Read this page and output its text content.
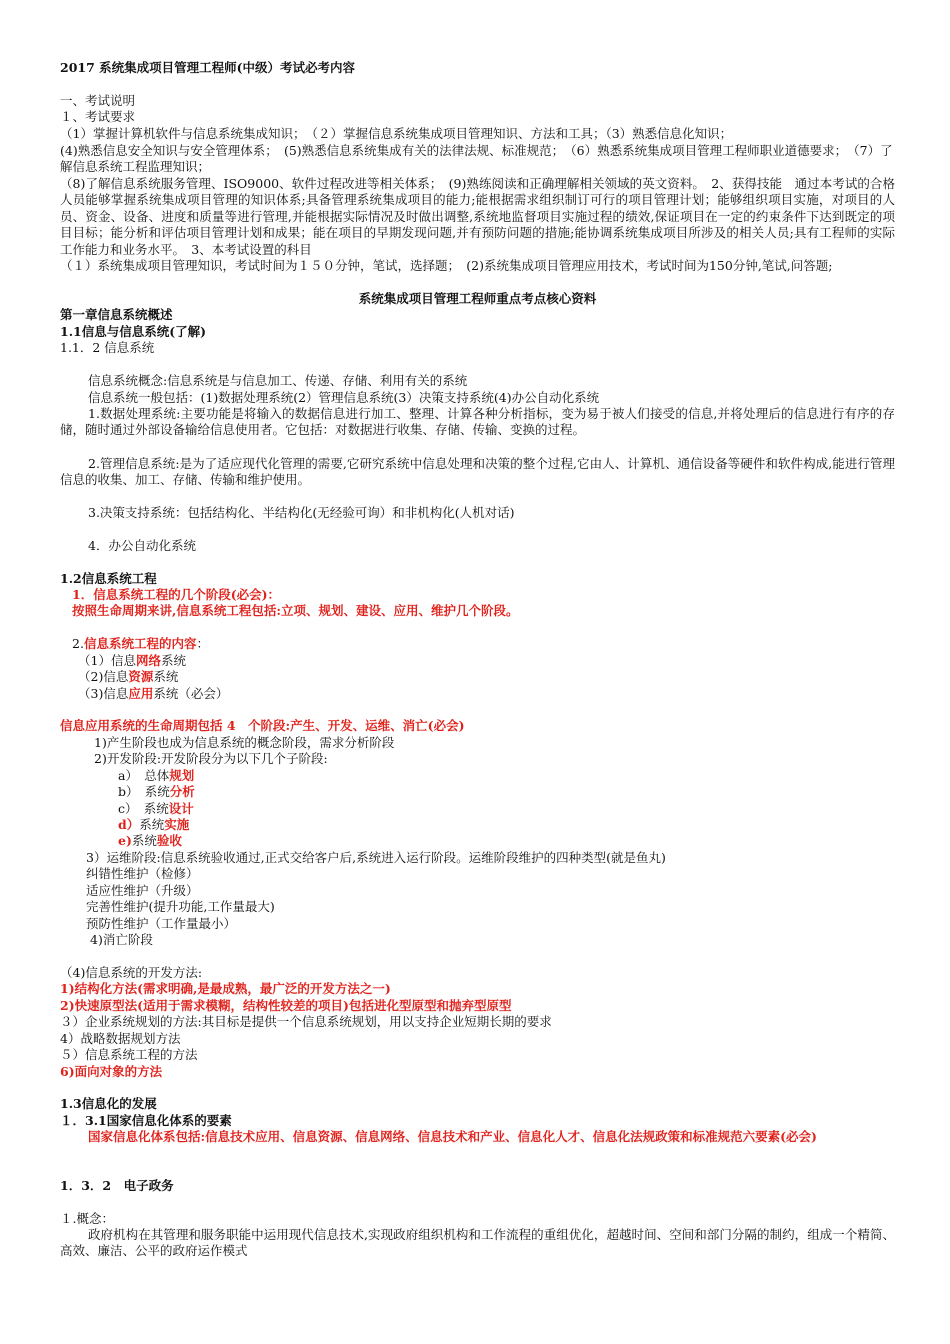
2017 系统集成项目管理工程师(中级）考试必考内容

一、考试说明

１、考试要求

（1）掌握计算机软件与信息系统集成知识；　（２）掌握信息系统集成项目管理知识、方法和工具；（3）熟悉信息化知识；

(4)熟悉信息安全知识与安全管理体系；　(5)熟悉信息系统集成有关的法律法规、标准规范；　（6）熟悉系统集成项目管理工程师职业道德要求；　（7）了解信息系统工程监理知识；

（8)了解信息系统服务管理、ISO9000、软件过程改进等相关体系；　(9)熟练阅读和正确理解相关领域的英文资料。　2、获得技能　通过本考试的合格人员能够掌握系统集成项目管理的知识体系;具备管理系统集成项目的能力;能根据需求组织制订可行的项目管理计划；能够组织项目实施，对项目的人员、资金、设备、进度和质量等进行管理,并能根据实际情况及时做出调整,系统地监督项目实施过程的绩效,保证项目在一定的约束条件下达到既定的项目目标；能分析和评估项目管理计划和成果；能在项目的早期发现问题,并有预防问题的措施;能协调系统集成项目所涉及的相关人员;具有工程师的实际工作能力和业务水平。　3、本考试设置的科目

（１）系统集成项目管理知识，考试时间为１５０分钟，笔试，选择题；　(2)系统集成项目管理应用技术，考试时间为150分钟,笔试,问答题;

系统集成项目管理工程师重点考点核心资料

第一章信息系统概述

1.1信息与信息系统(了解)

1.1．2 信息系统

信息系统概念:信息系统是与信息加工、传递、存储、利用有关的系统

信息系统一般包括：(1)数据处理系统(2）管理信息系统(3）决策支持系统(4)办公自动化系统

1.数据处理系统:主要功能是将输入的数据信息进行加工、整理、计算各种分析指标，变为易于被人们接受的信息,并将处理后的信息进行有序的存储，随时通过外部设备输给信息使用者。它包括：对数据进行收集、存储、传输、变换的过程。

2.管理信息系统:是为了适应现代化管理的需要,它研究系统中信息处理和决策的整个过程,它由人、计算机、通信设备等硬件和软件构成,能进行管理信息的收集、加工、存储、传输和维护使用。

3.决策支持系统：包括结构化、半结构化(无经验可询）和非机构化(人机对话)

4．办公自动化系统

1.2信息系统工程

1．信息系统工程的几个阶段(必会)：

按照生命周期来讲,信息系统工程包括:立项、规划、建设、应用、维护几个阶段。

2.信息系统工程的内容：

（1）信息网络系统

（2)信息资源系统

（3)信息应用系统（必会）

信息应用系统的生命周期包括 4　个阶段:产生、开发、运维、消亡(必会)

1)产生阶段也成为信息系统的概念阶段，需求分析阶段

2)开发阶段:开发阶段分为以下几个子阶段:

a）　总体规划

b）　系统分析

c）　系统设计

d）系统实施

e)系统验收

3）运维阶段:信息系统验收通过,正式交给客户后,系统进入运行阶段。运维阶段维护的四种类型(就是鱼丸)

纠错性维护（检修）

适应性维护（升级）

完善性维护(提升功能,工作量最大)

预防性维护（工作量最小）

4)消亡阶段

（4)信息系统的开发方法:

1)结构化方法(需求明确,是最成熟，最广泛的开发方法之一)

2)快速原型法(适用于需求模糊，结构性较差的项目)包括进化型原型和抛弃型原型

３）企业系统规划的方法:其目标是提供一个信息系统规划，用以支持企业短期长期的要求

4）战略数据规划方法

５）信息系统工程的方法

6)面向对象的方法

1.3信息化的发展

１．3.1国家信息化体系的要素

国家信息化体系包括:信息技术应用、信息资源、信息网络、信息技术和产业、信息化人才、信息化法规政策和标准规范六要素(必会)

1．3．2　电子政务

１.概念：

政府机构在其管理和服务职能中运用现代信息技术,实现政府组织机构和工作流程的重组优化，超越时间、空间和部门分隔的制约，组成一个精简、高效、廉洁、公平的政府运作模式
